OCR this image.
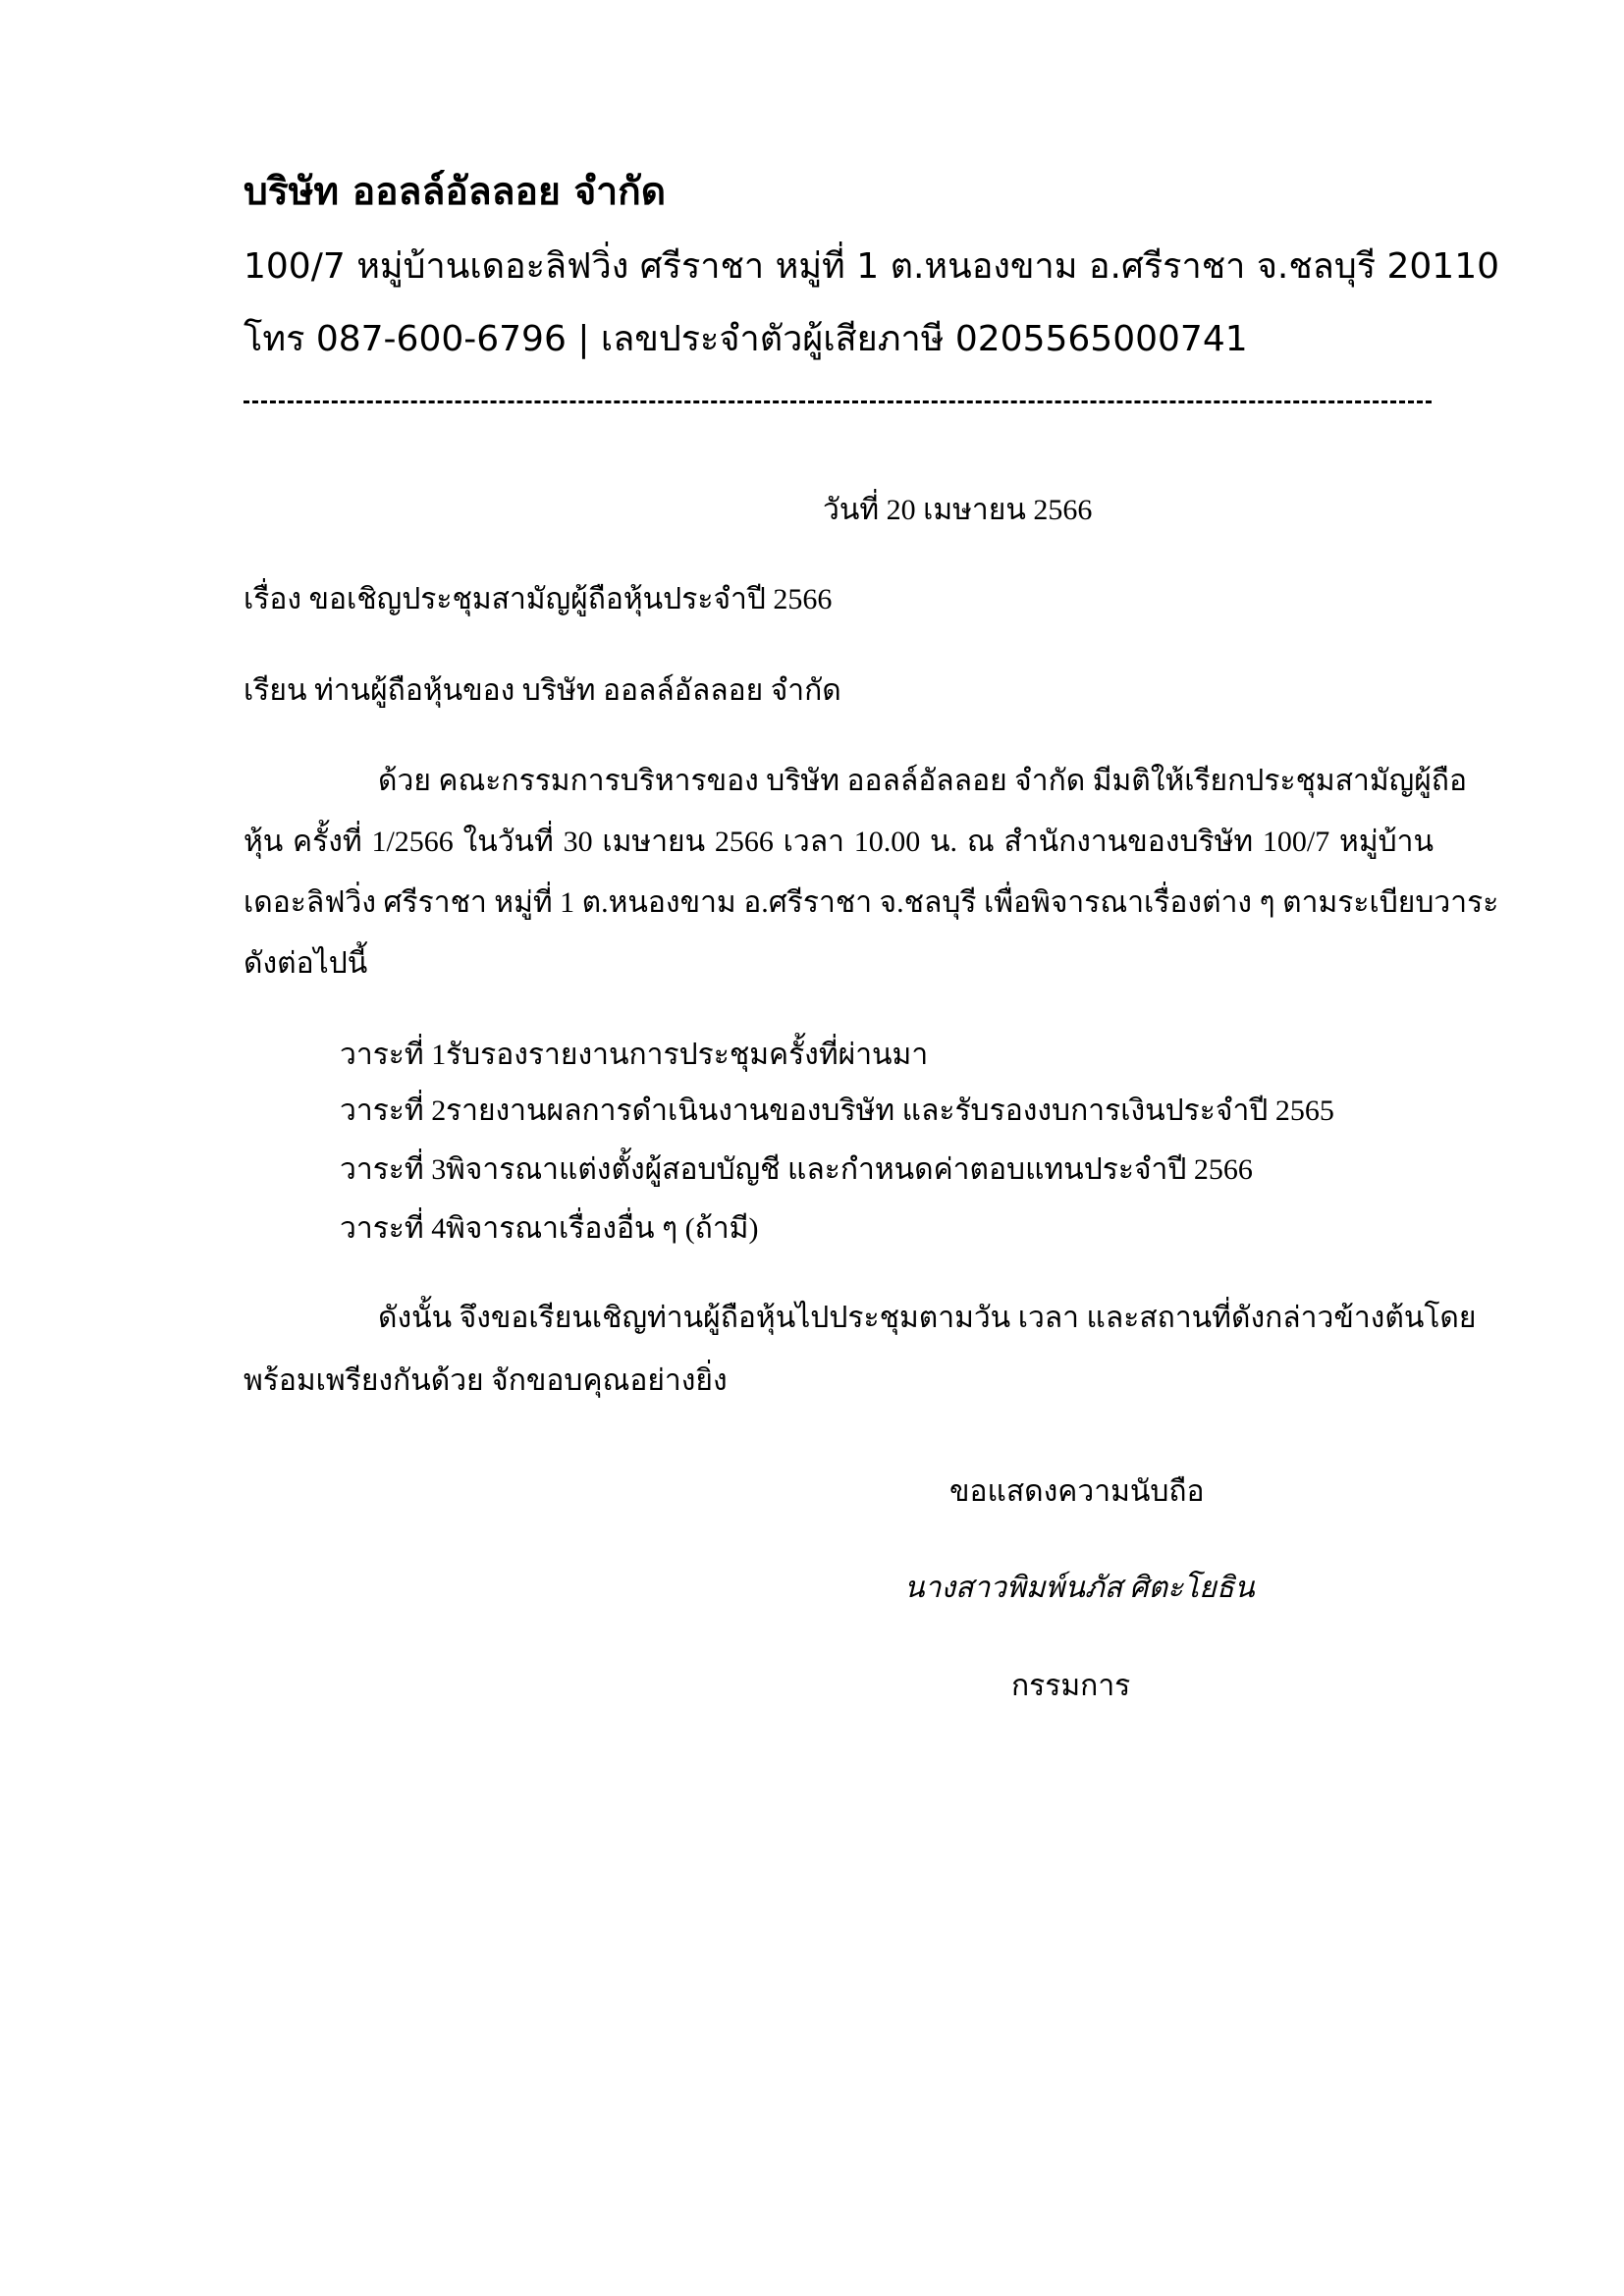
บริษัท ออลล์อัลลอย จำกัด
100/7 หมู่บ้านเดอะลิฟวิ่ง ศรีราชา หมู่ที่ 1 ต.หนองขาม อ.ศรีราชา จ.ชลบุรี 20110
โทร 087-600-6796 | เลขประจำตัวผู้เสียภาษี 0205565000741
วันที่ 20 เมษายน 2566
เรื่อง ขอเชิญประชุมสามัญผู้ถือหุ้นประจำปี 2566
เรียน ท่านผู้ถือหุ้นของ บริษัท ออลล์อัลลอย จำกัด
ด้วย คณะกรรมการบริหารของ บริษัท ออลล์อัลลอย จำกัด มีมติให้เรียกประชุมสามัญผู้ถือ
หุ้น ครั้งที่ 1/2566 ในวันที่ 30 เมษายน 2566 เวลา 10.00 น. ณ สำนักงานของบริษัท 100/7 หมู่บ้าน
เดอะลิฟวิ่ง ศรีราชา หมู่ที่ 1 ต.หนองขาม อ.ศรีราชา จ.ชลบุรี เพื่อพิจารณาเรื่องต่าง ๆ ตามระเบียบวาระ
ดังต่อไปนี้
วาระที่ 1รับรองรายงานการประชุมครั้งที่ผ่านมา
วาระที่ 2รายงานผลการดำเนินงานของบริษัท และรับรองงบการเงินประจำปี 2565
วาระที่ 3พิจารณาแต่งตั้งผู้สอบบัญชี และกำหนดค่าตอบแทนประจำปี 2566
วาระที่ 4พิจารณาเรื่องอื่น ๆ (ถ้ามี)
ดังนั้น จึงขอเรียนเชิญท่านผู้ถือหุ้นไปประชุมตามวัน เวลา และสถานที่ดังกล่าวข้างต้นโดย
พร้อมเพรียงกันด้วย จักขอบคุณอย่างยิ่ง
ขอแสดงความนับถือ
นางสาวพิมพ์นภัส ศิตะโยธิน
กรรมการ
